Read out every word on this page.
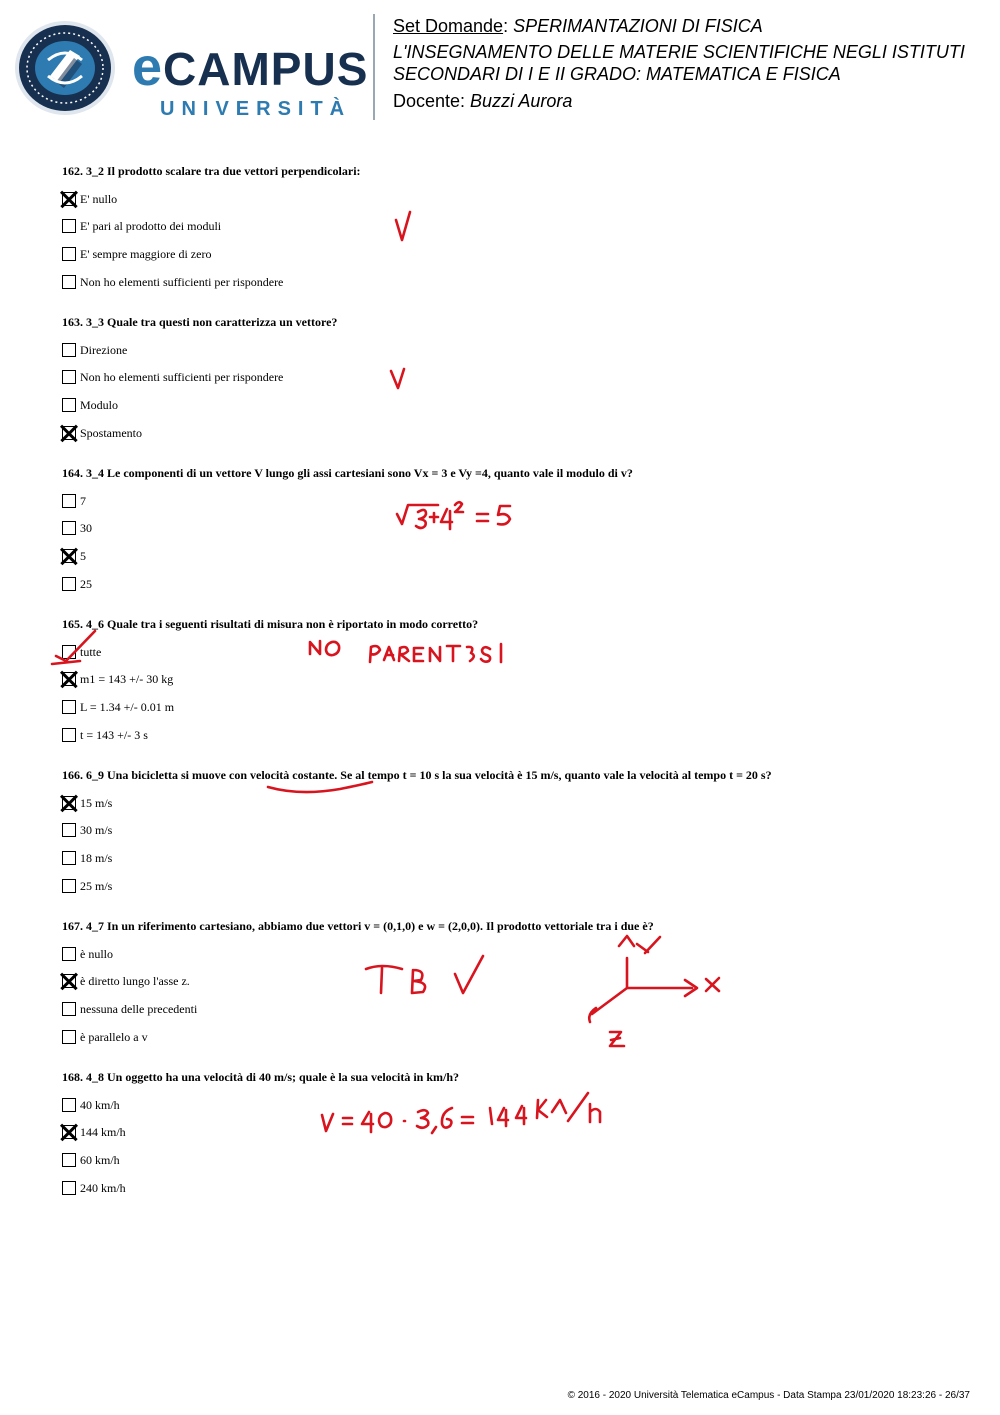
eCAMPUS
UNIVERSITÀ
Set Domande: SPERIMANTAZIONI DI FISICA
L'INSEGNAMENTO DELLE MATERIE SCIENTIFICHE NEGLI ISTITUTI
SECONDARI DI I E II GRADO: MATEMATICA E FISICA
Docente: Buzzi Aurora
162. 3_2 Il prodotto scalare tra due vettori perpendicolari:
E' nullo
E' pari al prodotto dei moduli
E' sempre maggiore di zero
Non ho elementi sufficienti per rispondere
163. 3_3 Quale tra questi non caratterizza un vettore?
Direzione
Non ho elementi sufficienti per rispondere
Modulo
Spostamento
164. 3_4 Le componenti di un vettore V lungo gli assi cartesiani sono Vx = 3 e Vy =4, quanto vale il modulo di v?
7
30
5
25
165. 4_6 Quale tra i seguenti risultati di misura non è riportato in modo corretto?
tutte
m1 = 143 +/- 30 kg
L = 1.34 +/- 0.01 m
t = 143 +/- 3 s
166. 6_9 Una bicicletta si muove con velocità costante. Se al tempo t = 10 s la sua velocità è 15 m/s, quanto vale la velocità al tempo t = 20 s?
15 m/s
30 m/s
18 m/s
25 m/s
167. 4_7 In un riferimento cartesiano, abbiamo due vettori v = (0,1,0) e w = (2,0,0). Il prodotto vettoriale tra i due è?
è nullo
è diretto lungo l'asse z.
nessuna delle precedenti
è parallelo a v
168. 4_8 Un oggetto ha una velocità di 40 m/s; quale è la sua velocità in km/h?
40 km/h
144 km/h
60 km/h
240 km/h
© 2016 - 2020 Università Telematica eCampus - Data Stampa 23/01/2020 18:23:26 - 26/37
